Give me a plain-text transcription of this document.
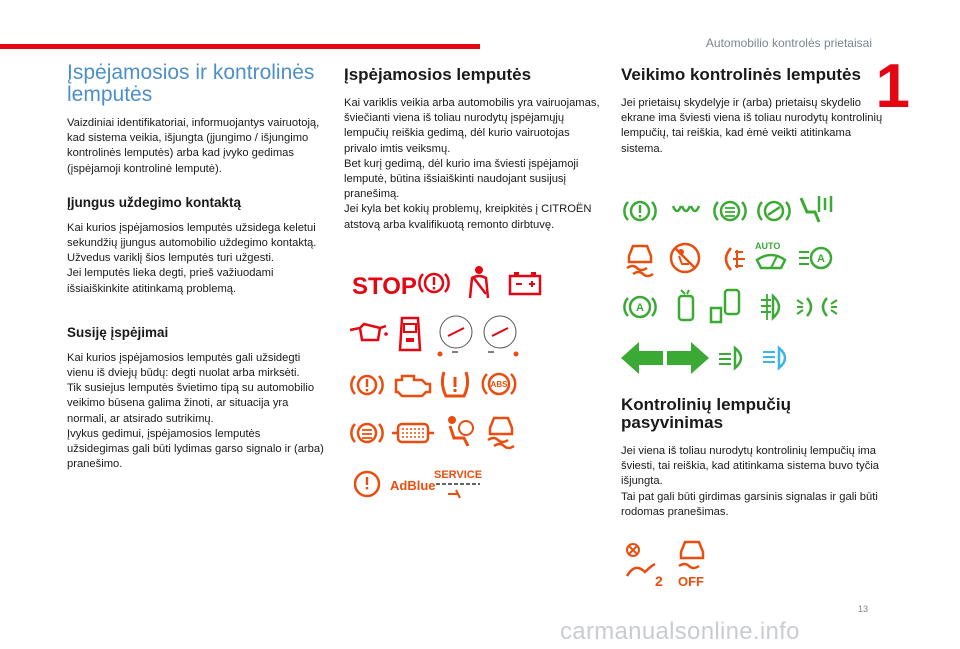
Automobilio kontrolės prietaisai
1
13
carmanualsonline.info
Įspėjamosios ir kontrolinės lemputės

Vaizdiniai identifikatoriai, informuojantys vairuotoją, kad sistema veikia, išjungta (įjungimo / išjungimo kontrolinės lemputės) arba kad įvyko gedimas (įspėjamoji kontrolinė lemputė).

Įjungus uždegimo kontaktą

Kai kurios įspėjamosios lemputės užsidega keletui sekundžių įjungus automobilio uždegimo kontaktą.

Užvedus variklį šios lemputės turi užgesti.

Jei lemputės lieka degti, prieš važiuodami išsiaiškinkite atitinkamą problemą.

Susiję įspėjimai

Kai kurios įspėjamosios lemputės gali užsidegti vienu iš dviejų būdų: degti nuolat arba mirksėti.

Tik susiejus lemputės švietimo tipą su automobilio veikimo būsena galima žinoti, ar situacija yra normali, ar atsirado sutrikimų.

Įvykus gedimui, įspėjamosios lemputės užsidegimas gali būti lydimas garso signalo ir (arba) pranešimo.

Įspėjamosios lemputės

Kai variklis veikia arba automobilis yra vairuojamas, šviečianti viena iš toliau nurodytų įspėjamųjų lempučių reiškia gedimą, dėl kurio vairuotojas privalo imtis veiksmų.

Bet kurį gedimą, dėl kurio ima šviesti įspėjamoji lemputė, būtina išsiaiškinti naudojant susijusį pranešimą.

Jei kyla bet kokių problemų, kreipkitės į CITROËN atstovą arba kvalifikuotą remonto dirbtuvę.

STOP
ABS
AdBlue
SERVICE
Veikimo kontrolinės lemputės

Jei prietaisų skydelyje ir (arba) prietaisų skydelio ekrane ima šviesti viena iš toliau nurodytų kontrolinių lempučių, tai reiškia, kad ėmė veikti atitinkama sistema.

AUTO
A
A
Kontrolinių lempučių pasyvinimas

Jei viena iš toliau nurodytų kontrolinių lempučių ima šviesti, tai reiškia, kad atitinkama sistema buvo tyčia išjungta.

Tai pat gali būti girdimas garsinis signalas ir gali būti rodomas pranešimas.

2 OFF
